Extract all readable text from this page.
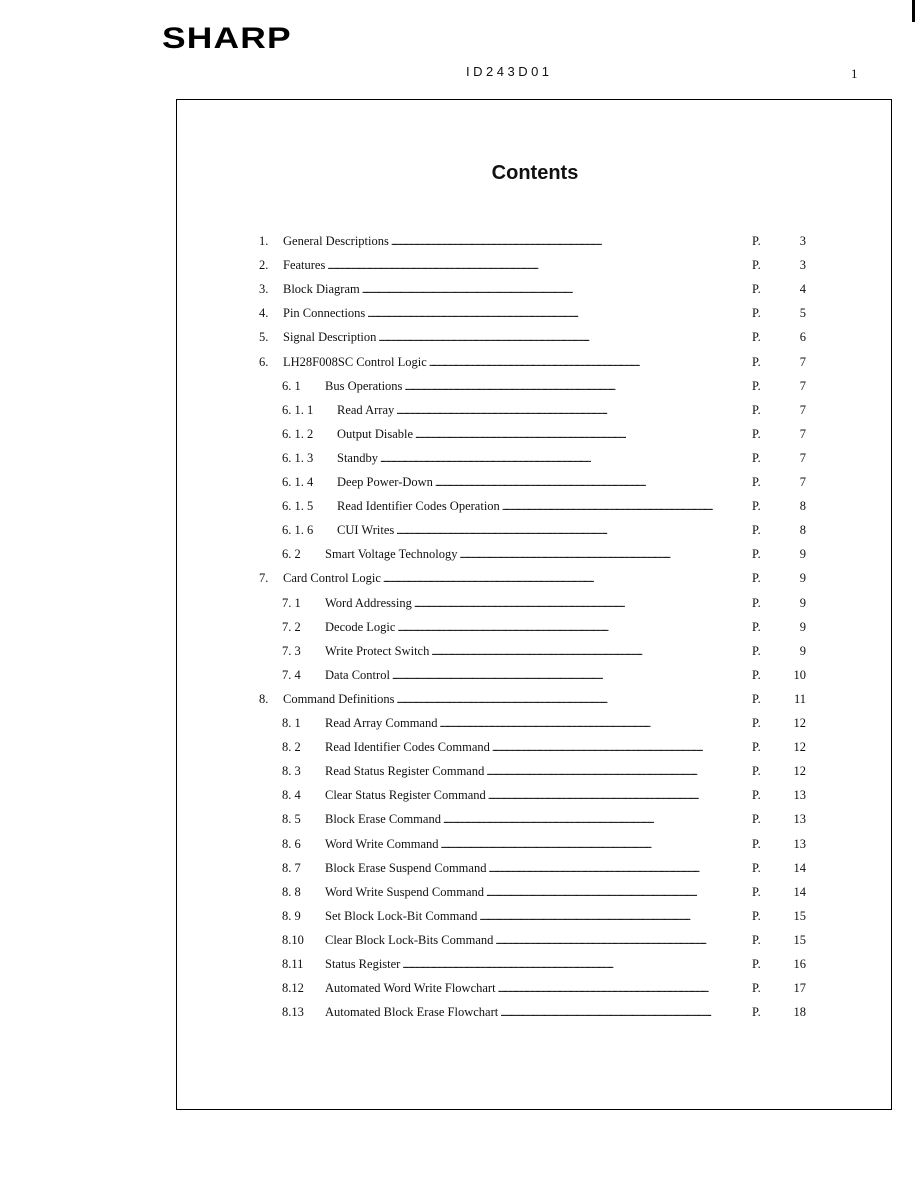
SHARP
ID243D01	1
Contents
1.	General Descriptions . . .	P.	3
2.	Features . . .	P.	3
3.	Block Diagram . . .	P.	4
4.	Pin Connections . . .	P.	5
5.	Signal Description . . .	P.	6
6.	LH28F008SC Control Logic . . .	P.	7
6. 1	Bus Operations . . .	P.	7
6. 1. 1	Read Array . . .	P.	7
6. 1. 2	Output Disable . . .	P.	7
6. 1. 3	Standby . . .	P.	7
6. 1. 4	Deep Power-Down . . .	P.	7
6. 1. 5	Read Identifier Codes Operation . . .	P.	8
6. 1. 6	CUI Writes . . .	P.	8
6. 2	Smart Voltage Technology . . .	P.	9
7.	Card Control Logic . . .	P.	9
7. 1	Word Addressing . . .	P.	9
7. 2	Decode Logic . . .	P.	9
7. 3	Write Protect Switch . . .	P.	9
7. 4	Data Control . . .	P.	10
8.	Command Definitions . . .	P.	11
8. 1	Read Array Command . . .	P.	12
8. 2	Read Identifier Codes Command . . .	P.	12
8. 3	Read Status Register Command . . .	P.	12
8. 4	Clear Status Register Command . . .	P.	13
8. 5	Block Erase Command . . .	P.	13
8. 6	Word Write Command . . .	P.	13
8. 7	Block Erase Suspend Command . . .	P.	14
8. 8	Word Write Suspend Command . . .	P.	14
8. 9	Set Block Lock-Bit Command . . .	P.	15
8.10	Clear Block Lock-Bits Command . . .	P.	15
8.11	Status Register . . .	P.	16
8.12	Automated Word Write Flowchart . . .	P.	17
8.13	Automated Block Erase Flowchart . . .	P.	18
